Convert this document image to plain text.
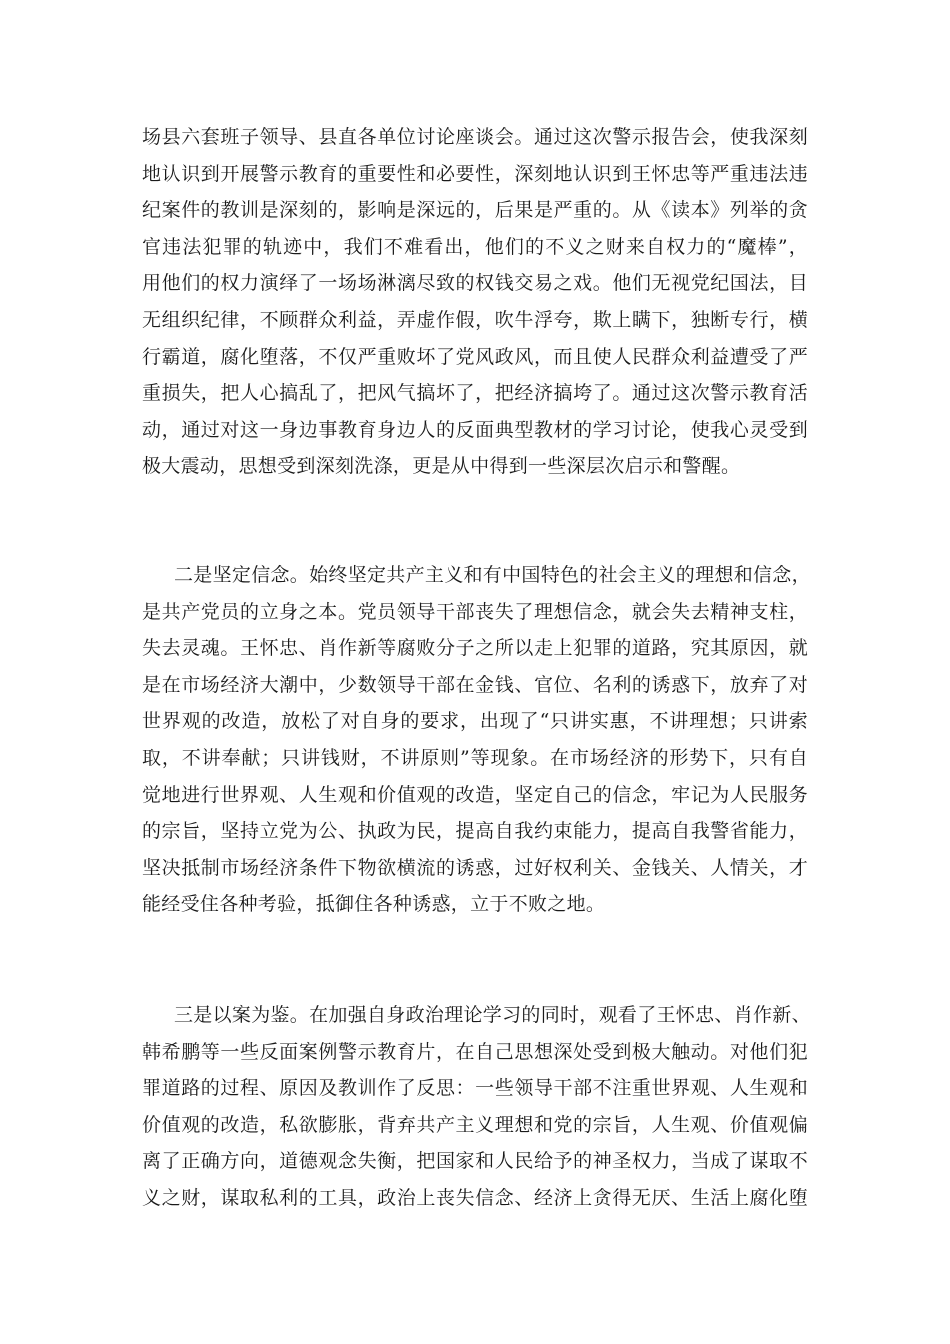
场县六套班子领导、县直各单位讨论座谈会。通过这次警示报告会，使我深刻
地认识到开展警示教育的重要性和必要性，深刻地认识到王怀忠等严重违法违
纪案件的教训是深刻的，影响是深远的，后果是严重的。从《读本》列举的贪
官违法犯罪的轨迹中，我们不难看出，他们的不义之财来自权力的“魔棒”，
用他们的权力演绎了一场场淋漓尽致的权钱交易之戏。他们无视党纪国法，目
无组织纪律，不顾群众利益，弄虚作假，吹牛浮夸，欺上瞒下，独断专行，横
行霸道，腐化堕落，不仅严重败坏了党风政风，而且使人民群众利益遭受了严
重损失，把人心搞乱了，把风气搞坏了，把经济搞垮了。通过这次警示教育活
动，通过对这一身边事教育身边人的反面典型教材的学习讨论，使我心灵受到
极大震动，思想受到深刻洗涤，更是从中得到一些深层次启示和警醒。
二是坚定信念。始终坚定共产主义和有中国特色的社会主义的理想和信念，
是共产党员的立身之本。党员领导干部丧失了理想信念，就会失去精神支柱，
失去灵魂。王怀忠、肖作新等腐败分子之所以走上犯罪的道路，究其原因，就
是在市场经济大潮中，少数领导干部在金钱、官位、名利的诱惑下，放弃了对
世界观的改造，放松了对自身的要求，出现了“只讲实惠，不讲理想；只讲索
取，不讲奉献；只讲钱财，不讲原则”等现象。在市场经济的形势下，只有自
觉地进行世界观、人生观和价值观的改造，坚定自己的信念，牢记为人民服务
的宗旨，坚持立党为公、执政为民，提高自我约束能力，提高自我警省能力，
坚决抵制市场经济条件下物欲横流的诱惑，过好权利关、金钱关、人情关，才
能经受住各种考验，抵御住各种诱惑，立于不败之地。
三是以案为鉴。在加强自身政治理论学习的同时，观看了王怀忠、肖作新、
韩希鹏等一些反面案例警示教育片，在自己思想深处受到极大触动。对他们犯
罪道路的过程、原因及教训作了反思：一些领导干部不注重世界观、人生观和
价值观的改造，私欲膨胀，背弃共产主义理想和党的宗旨，人生观、价值观偏
离了正确方向，道德观念失衡，把国家和人民给予的神圣权力，当成了谋取不
义之财，谋取私利的工具，政治上丧失信念、经济上贪得无厌、生活上腐化堕
